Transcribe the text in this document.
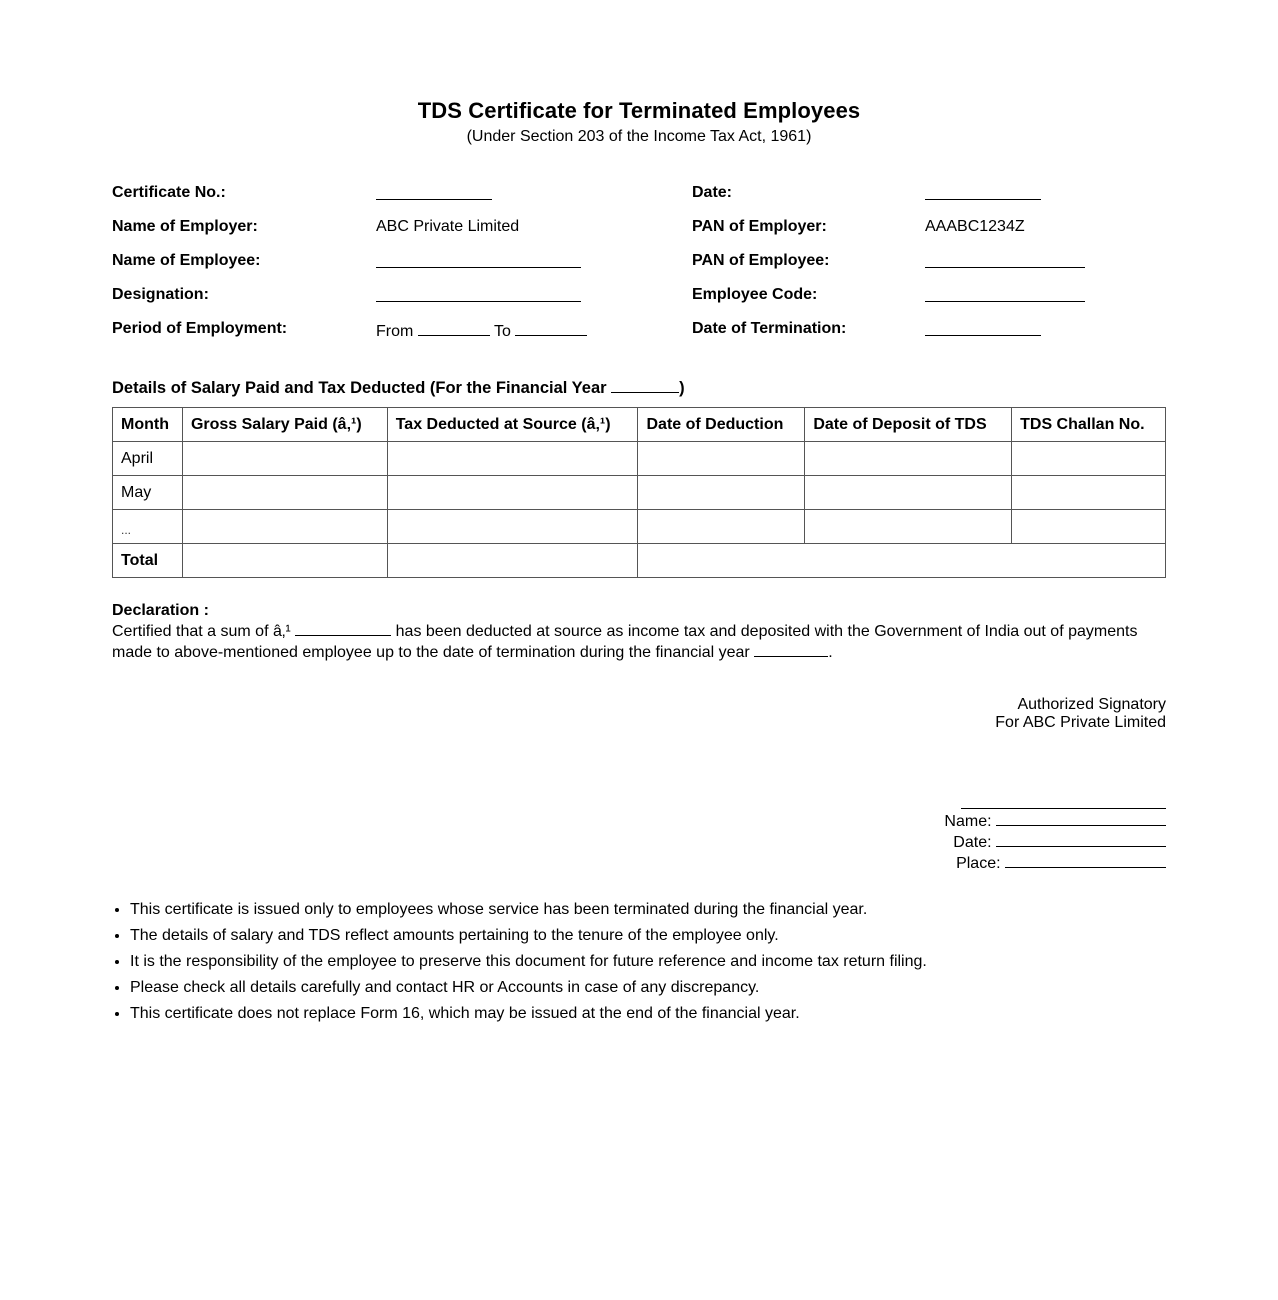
TDS Certificate for Terminated Employees

(Under Section 203 of the Income Tax Act, 1961)

Certificate No.:	Date:
Name of Employer:	ABC Private Limited	PAN of Employer:	AAABC1234Z
Name of Employee:	PAN of Employee:
Designation:	Employee Code:
Period of Employment:	From	To	Date of Termination:
Details of Salary Paid and Tax Deducted (For the Financial Year	)
Month	Gross Salary Paid (â‚¹)	Tax Deducted at Source (â‚¹)	Date of Deduction	Date of Deposit of TDS	TDS Challan No.
April					
May					
...					
Total					
Declaration :

Certified that a sum of â‚¹	has been deducted at source as income tax and deposited with the Government of India out of payments made to above-mentioned employee up to the date of termination during the financial year	.

Authorized Signatory
For ABC Private Limited
Name:
Date:
Place:
• This certificate is issued only to employees whose service has been terminated during the financial year.
• The details of salary and TDS reflect amounts pertaining to the tenure of the employee only.
• It is the responsibility of the employee to preserve this document for future reference and income tax return filing.
• Please check all details carefully and contact HR or Accounts in case of any discrepancy.
• This certificate does not replace Form 16, which may be issued at the end of the financial year.
